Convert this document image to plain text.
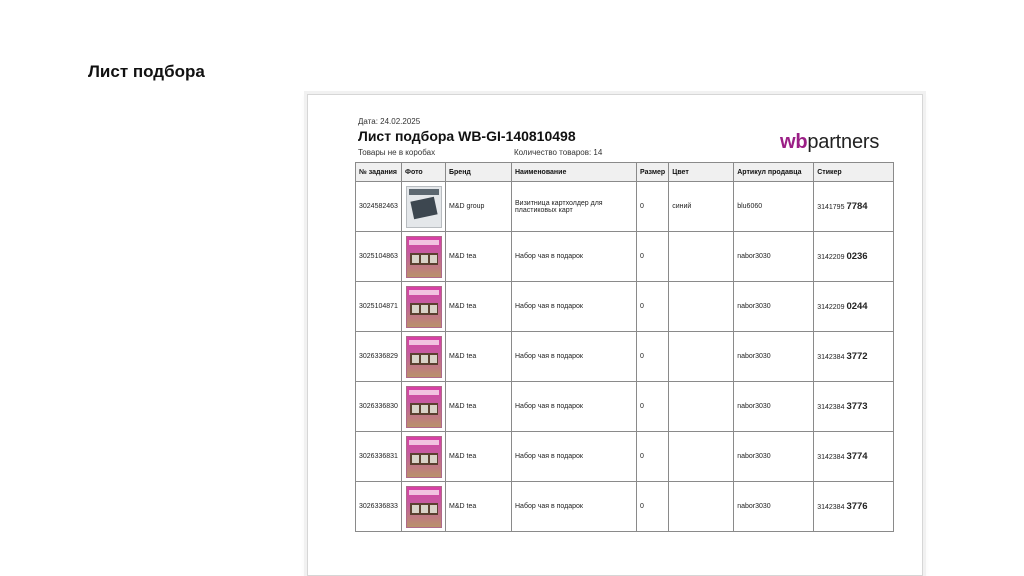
Лист подбора
Дата: 24.02.2025
Лист подбора WB-GI-140810498
Товары не в коробах	Количество товаров: 14	wbpartners
№ задания	Фото	Бренд	Наименование	Размер	Цвет	Артикул продавца	Стикер
3024582463		M&D group	Визитница картхолдер для пластиковых карт	0	синий	blu6060	3141795 7784
3025104863		M&D tea	Набор чая в подарок	0		nabor3030	3142209 0236
3025104871		M&D tea	Набор чая в подарок	0		nabor3030	3142209 0244
3026336829		M&D tea	Набор чая в подарок	0		nabor3030	3142384 3772
3026336830		M&D tea	Набор чая в подарок	0		nabor3030	3142384 3773
3026336831		M&D tea	Набор чая в подарок	0		nabor3030	3142384 3774
3026336833		M&D tea	Набор чая в подарок	0		nabor3030	3142384 3776
